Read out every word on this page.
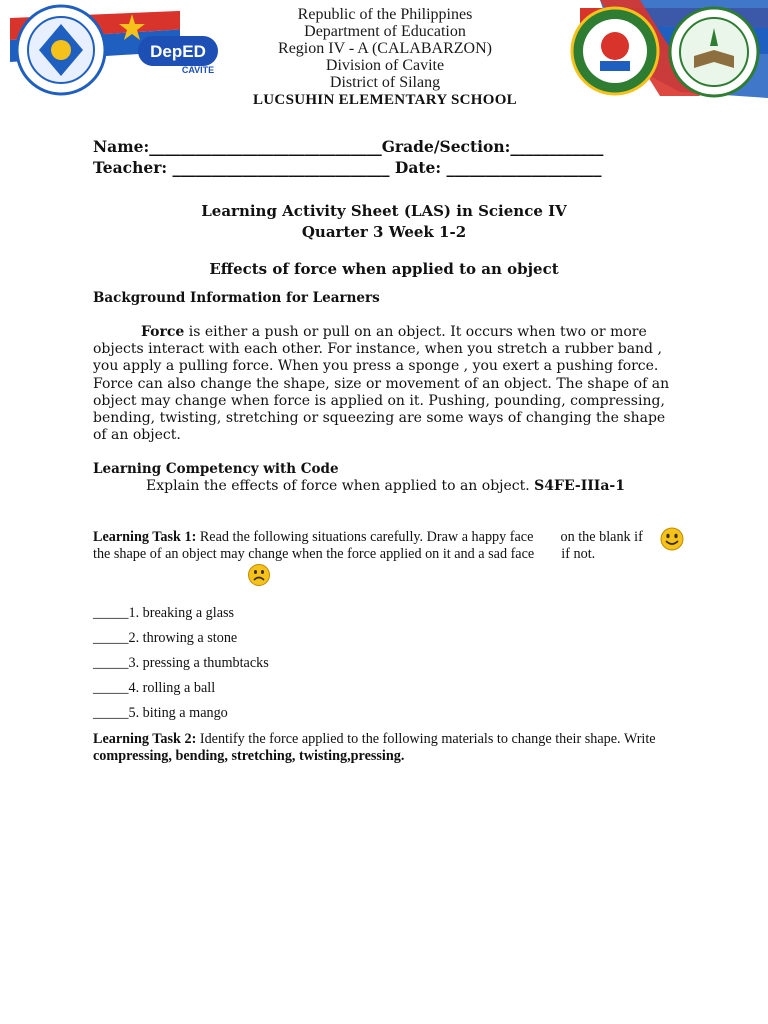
DepED
CAVITE
Republic of the Philippines
Department of Education
Region IV - A (CALABARZON)
Division of Cavite
District of Silang
LUCSUHIN ELEMENTARY SCHOOL
Name:______________________________Grade/Section:____________
Teacher: ____________________________ Date: ____________________
Learning Activity Sheet (LAS) in Science IV
Quarter 3 Week 1-2
Effects of force when applied to an object
Background Information for Learners

Force is either a push or pull on an object. It occurs when two or more objects interact with each other. For instance, when you stretch a rubber band , you apply a pulling force. When you press a sponge , you exert a pushing force. Force can also change the shape, size or movement of an object. The shape of an object may change when force is applied on it. Pushing, pounding, compressing, bending, twisting, stretching or squeezing are some ways of changing the shape of an object.

Learning Competency with Code
Explain the effects of force when applied to an object. S4FE-IIIa-1
Learning Task 1: Read the following situations carefully. Draw a happy face  on the blank if the shape of an object may change when the force applied on it and a sad face  if not.
_____1. breaking a glass
_____2. throwing a stone
_____3. pressing a thumbtacks
_____4. rolling a ball
_____5. biting a mango
Learning Task 2: Identify the force applied to the following materials to change their shape. Write compressing, bending, stretching, twisting,pressing.
